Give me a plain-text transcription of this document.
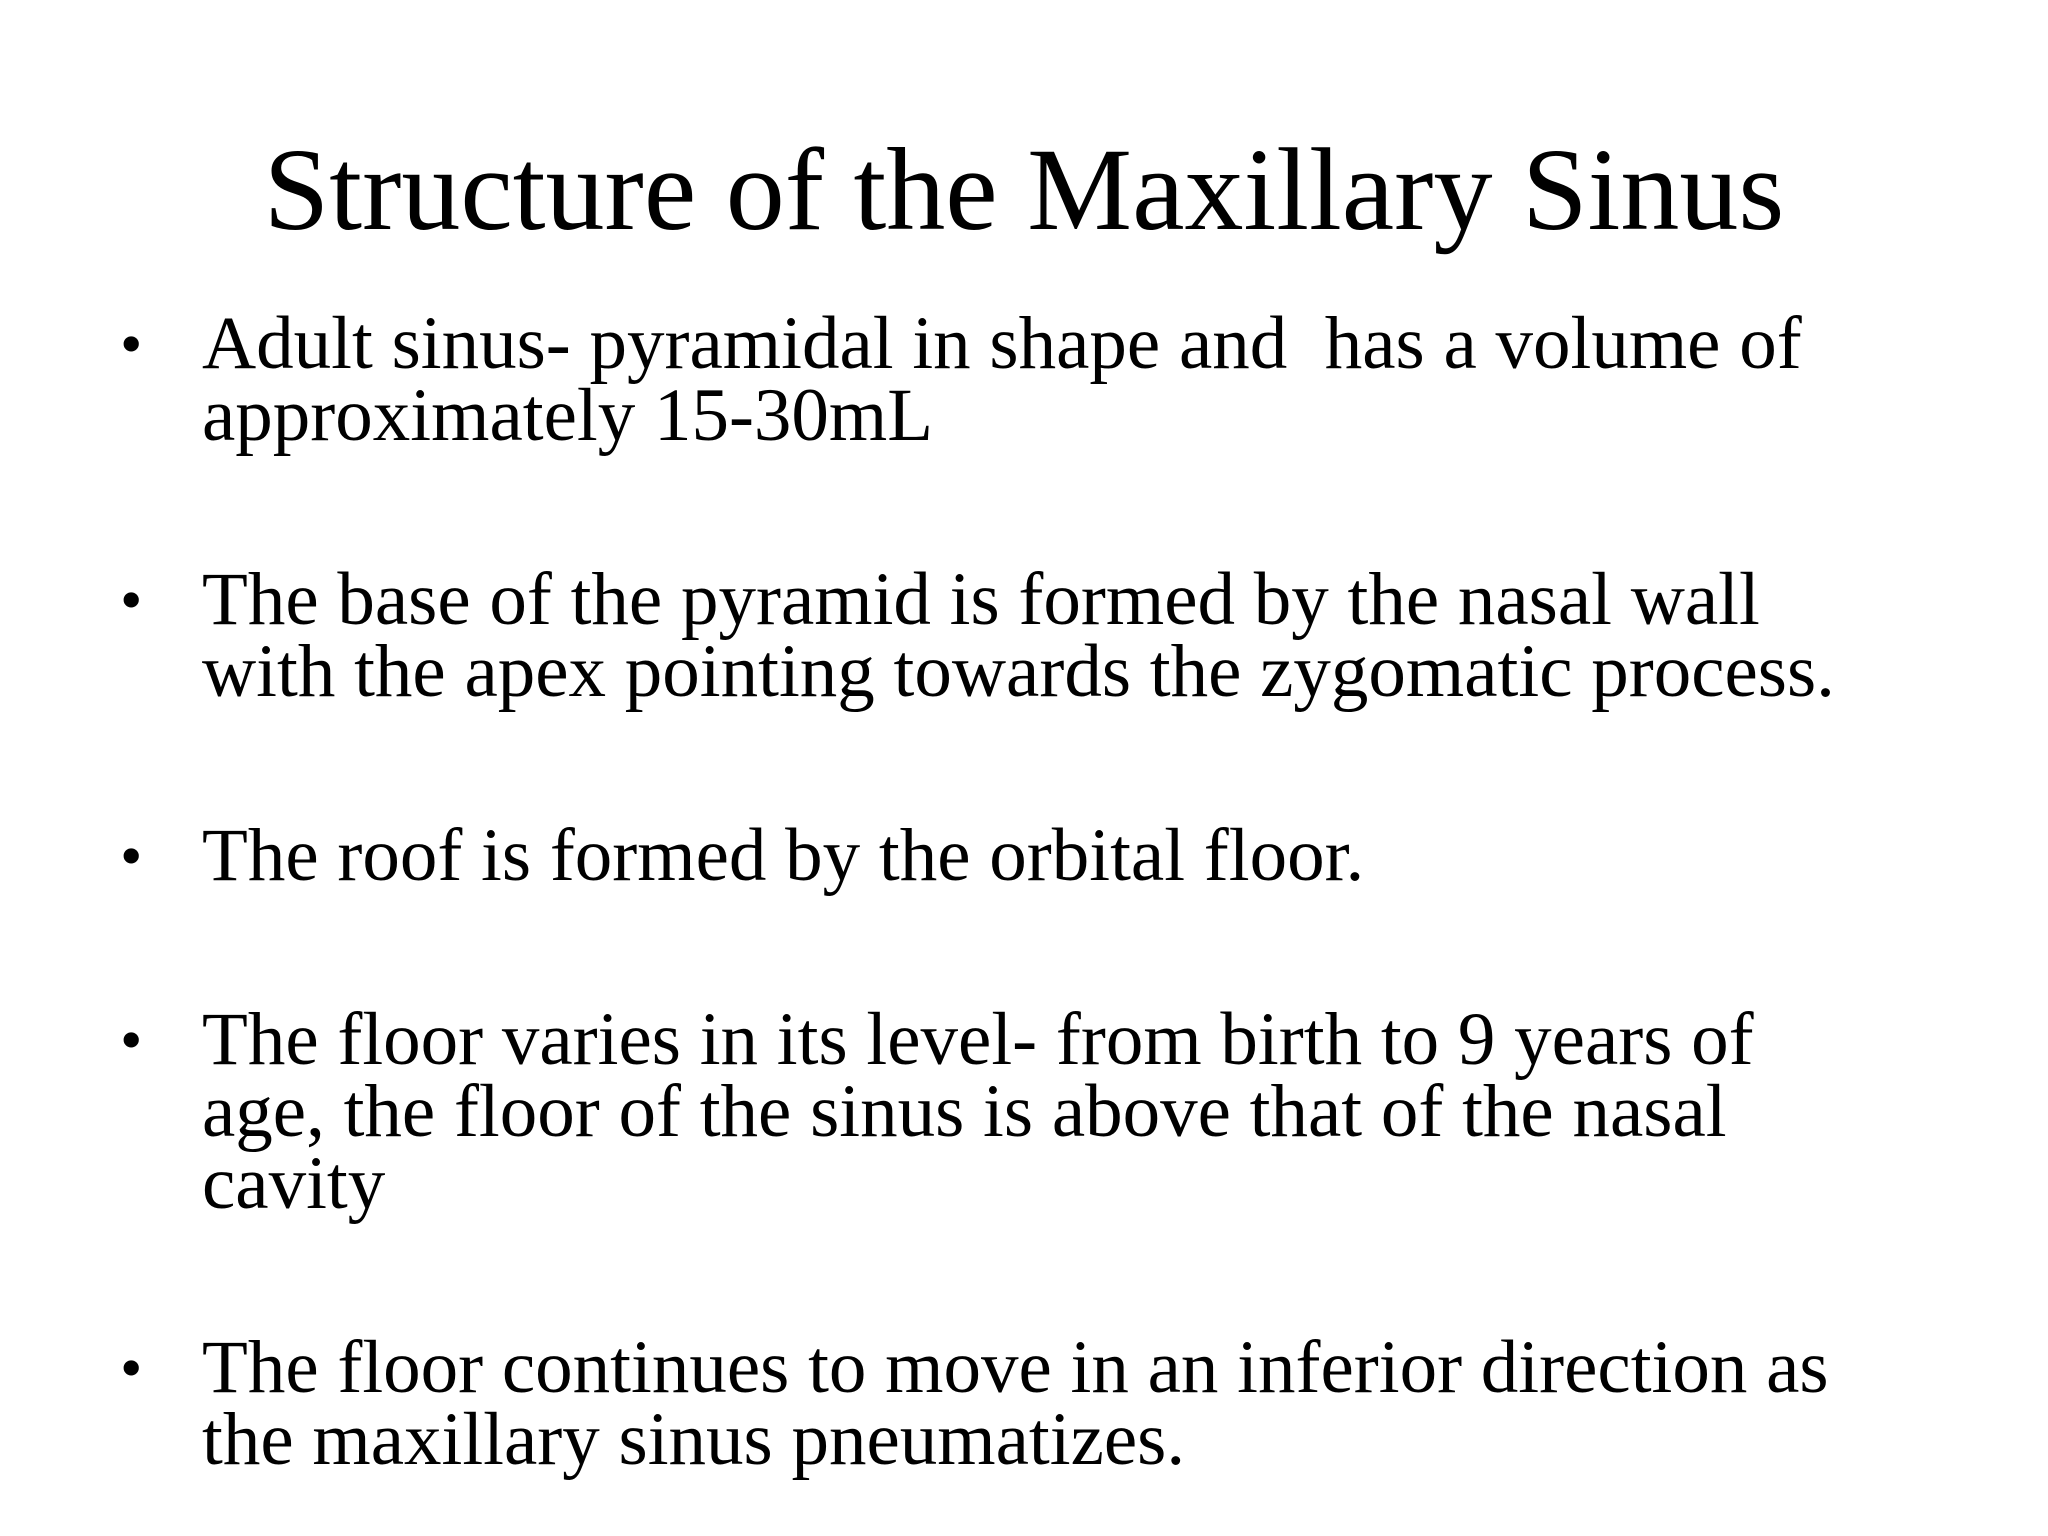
Structure of the Maxillary Sinus
• Adult sinus- pyramidal in shape and  has a volume of
approximately 15-30mL
• The base of the pyramid is formed by the nasal wall
with the apex pointing towards the zygomatic process.
• The roof is formed by the orbital floor.
• The floor varies in its level- from birth to 9 years of
age, the floor of the sinus is above that of the nasal
cavity
• The floor continues to move in an inferior direction as
the maxillary sinus pneumatizes.
